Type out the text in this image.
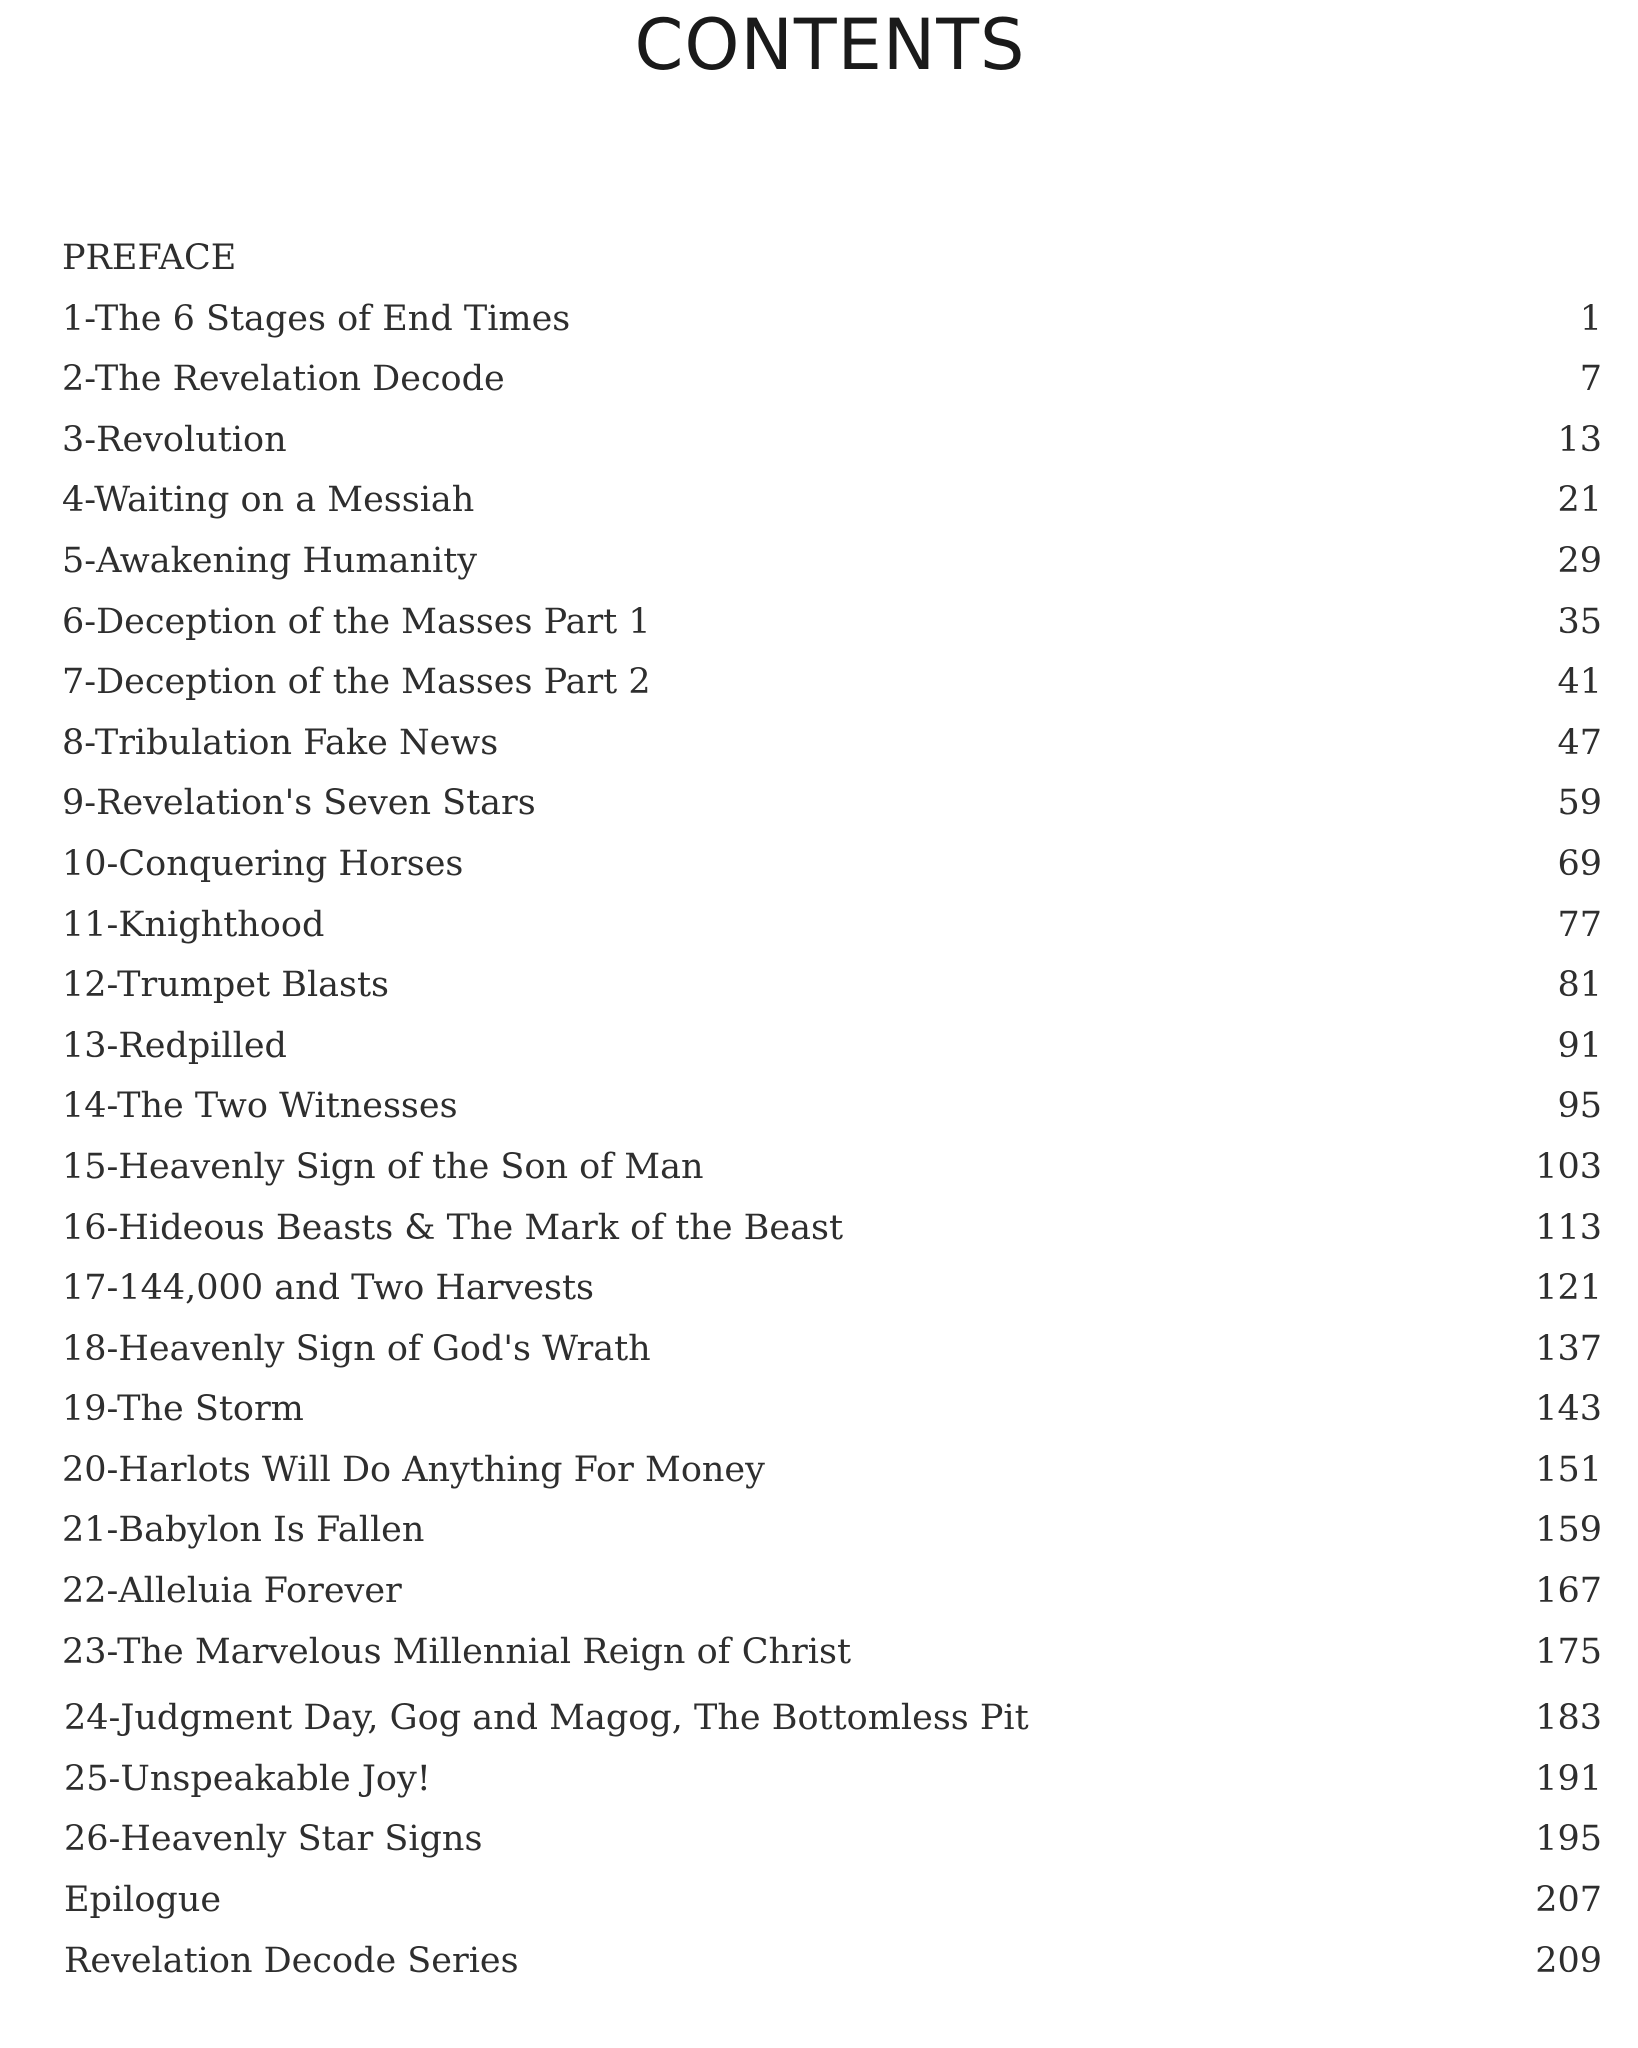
CONTENTS
PREFACE
1-The 6 Stages of End Times	1
2-The Revelation Decode	7
3-Revolution	13
4-Waiting on a Messiah	21
5-Awakening Humanity	29
6-Deception of the Masses Part 1	35
7-Deception of the Masses Part 2	41
8-Tribulation Fake News	47
9-Revelation's Seven Stars	59
10-Conquering Horses	69
11-Knighthood	77
12-Trumpet Blasts	81
13-Redpilled	91
14-The Two Witnesses	95
15-Heavenly Sign of the Son of Man	103
16-Hideous Beasts & The Mark of the Beast	113
17-144,000 and Two Harvests	121
18-Heavenly Sign of God's Wrath	137
19-The Storm	143
20-Harlots Will Do Anything For Money	151
21-Babylon Is Fallen	159
22-Alleluia Forever	167
23-The Marvelous Millennial Reign of Christ	175
24-Judgment Day, Gog and Magog, The Bottomless Pit	183
25-Unspeakable Joy!	191
26-Heavenly Star Signs	195
Epilogue	207
Revelation Decode Series	209
